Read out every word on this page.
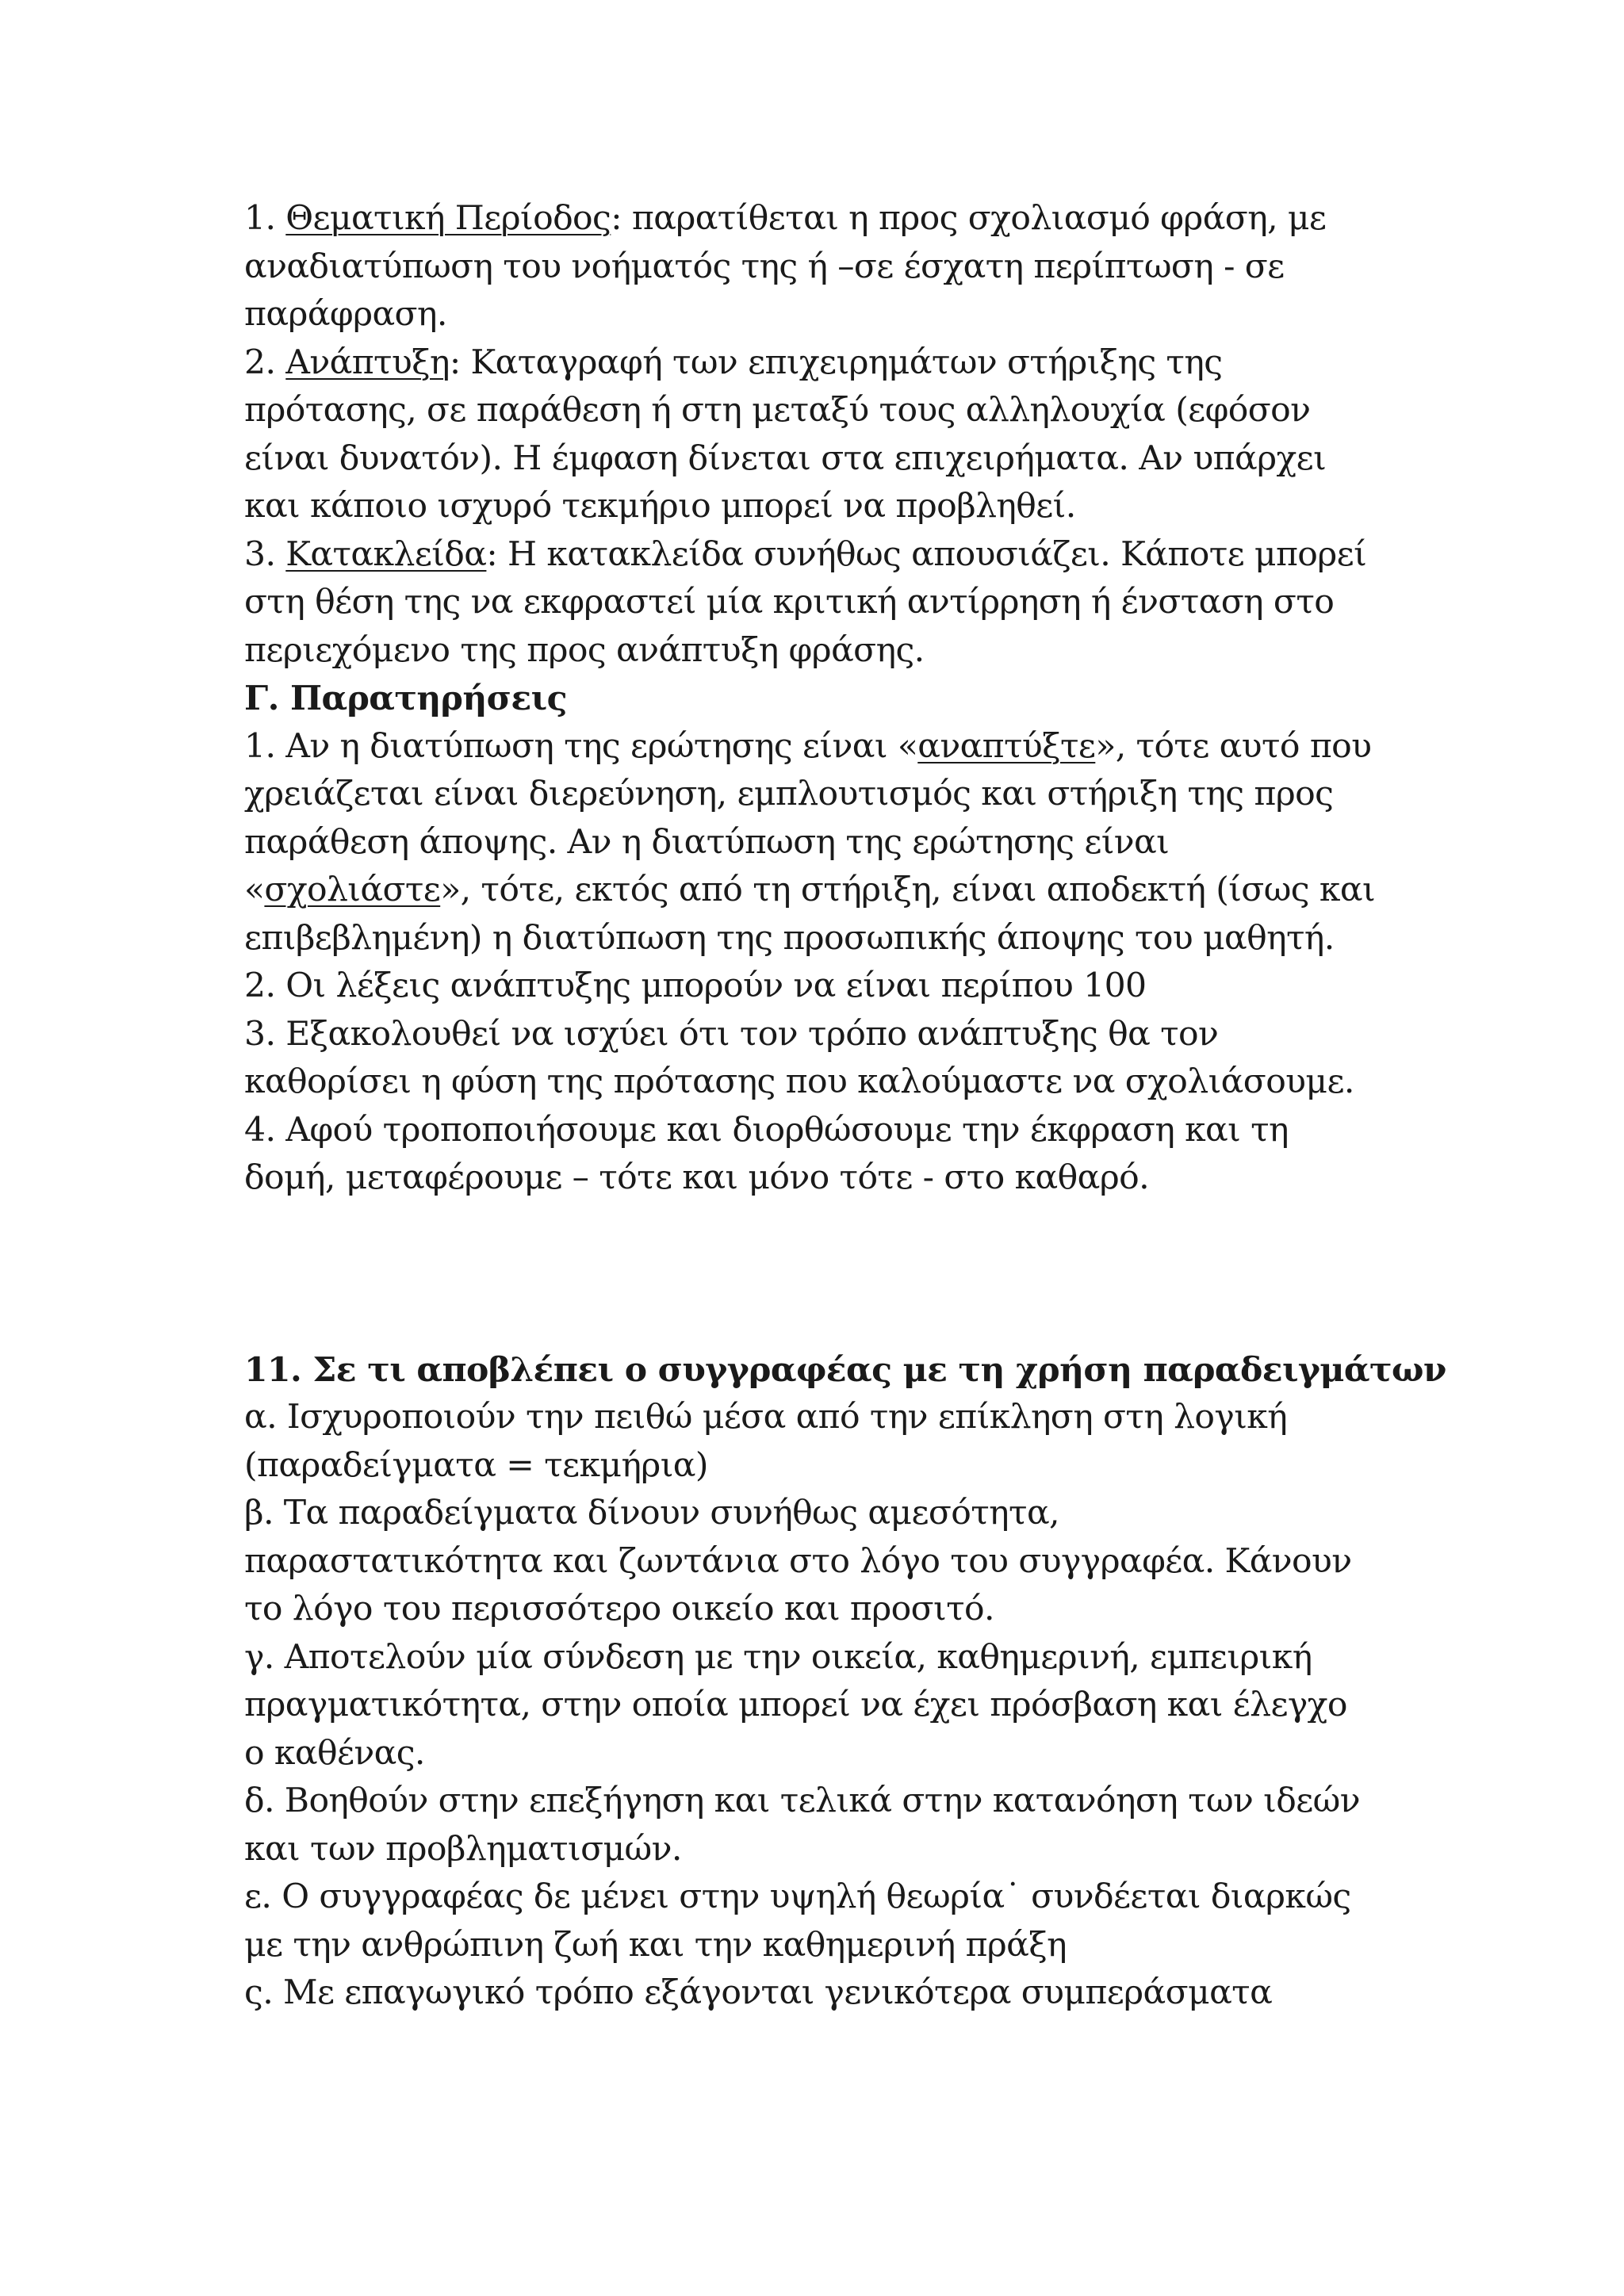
1. Θεματική Περίοδος: παρατίθεται η προς σχολιασμό φράση, με
αναδιατύπωση του νοήματός της ή –σε έσχατη περίπτωση - σε
παράφραση.
2. Ανάπτυξη: Καταγραφή των επιχειρημάτων στήριξης της
πρότασης, σε παράθεση ή στη μεταξύ τους αλληλουχία (εφόσον
είναι δυνατόν). Η έμφαση δίνεται στα επιχειρήματα. Αν υπάρχει
και κάποιο ισχυρό τεκμήριο μπορεί να προβληθεί.
3. Κατακλείδα: Η κατακλείδα συνήθως απουσιάζει. Κάποτε μπορεί
στη θέση της να εκφραστεί μία κριτική αντίρρηση ή ένσταση στο
περιεχόμενο της προς ανάπτυξη φράσης.
Γ. Παρατηρήσεις
1. Αν η διατύπωση της ερώτησης είναι «αναπτύξτε», τότε αυτό που
χρειάζεται είναι διερεύνηση, εμπλουτισμός και στήριξη της προς
παράθεση άποψης. Αν η διατύπωση της ερώτησης είναι
«σχολιάστε», τότε, εκτός από τη στήριξη, είναι αποδεκτή (ίσως και
επιβεβλημένη) η διατύπωση της προσωπικής άποψης του μαθητή.
2. Οι λέξεις ανάπτυξης μπορούν να είναι περίπου 100
3. Εξακολουθεί να ισχύει ότι τον τρόπο ανάπτυξης θα τον
καθορίσει η φύση της πρότασης που καλούμαστε να σχολιάσουμε.
4. Αφού τροποποιήσουμε και διορθώσουμε την έκφραση και τη
δομή, μεταφέρουμε – τότε και μόνο τότε - στο καθαρό.
11. Σε τι αποβλέπει ο συγγραφέας με τη χρήση παραδειγμάτων
α. Ισχυροποιούν την πειθώ μέσα από την επίκληση στη λογική
(παραδείγματα = τεκμήρια)
β. Τα παραδείγματα δίνουν συνήθως αμεσότητα,
παραστατικότητα και ζωντάνια στο λόγο του συγγραφέα. Κάνουν
το λόγο του περισσότερο οικείο και προσιτό.
γ. Αποτελούν μία σύνδεση με την οικεία, καθημερινή, εμπειρική
πραγματικότητα, στην οποία μπορεί να έχει πρόσβαση και έλεγχο
ο καθένας.
δ. Βοηθούν στην επεξήγηση και τελικά στην κατανόηση των ιδεών
και των προβληματισμών.
ε. Ο συγγραφέας δε μένει στην υψηλή θεωρία˙ συνδέεται διαρκώς
με την ανθρώπινη ζωή και την καθημερινή πράξη
ς. Με επαγωγικό τρόπο εξάγονται γενικότερα συμπεράσματα
